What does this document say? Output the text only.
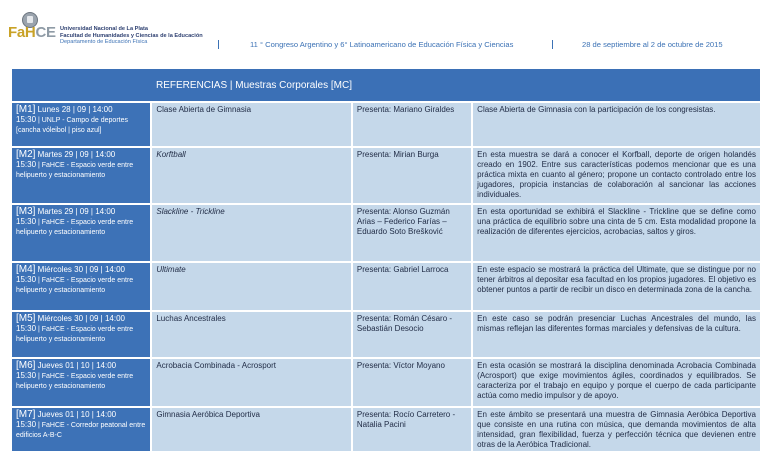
FaHCE Universidad Nacional de La Plata
Facultad de Humanidades y Ciencias de la Educación
Departamento de Educación Física	11 ° Congreso Argentino y 6° Latinoamericano de Educación Física y Ciencias	28 de septiembre al 2 de octubre de 2015
REFERENCIAS | Muestras Corporales [MC]			
[M1] Lunes 28 | 09 | 14:00
15:30 | UNLP - Campo de deportes [cancha vóleibol | piso azul]	Clase Abierta de Gimnasia	Presenta: Mariano Giraldes	Clase Abierta de Gimnasia con la participación de los congresistas.
[M2] Martes 29 | 09 | 14:00
15:30 | FaHCE - Espacio verde entre helipuerto y estacionamiento	Korftball	Presenta: Mirian Burga	En esta muestra se dará a conocer el Korfball, deporte de origen holandés creado en 1902. Entre sus características podemos mencionar que es una práctica mixta en cuanto al género; propone un contacto controlado entre los jugadores, propicia instancias de colaboración al sancionar las acciones individuales.
[M3] Martes 29 | 09 | 14:00
15:30 | FaHCE - Espacio verde entre helipuerto y estacionamiento	Slackline - Trickline	Presenta: Alonso Guzmán Arias – Federico Farías – Eduardo Soto Brešković	En esta oportunidad se exhibirá el Slackline - Trickline que se define como una práctica de equilibrio sobre una cinta de 5 cm. Esta modalidad propone la realización de diferentes ejercicios, acrobacias, saltos y giros.
[M4] Miércoles 30 | 09 | 14:00
15:30 | FaHCE - Espacio verde entre helipuerto y estacionamiento	Ultimate	Presenta: Gabriel Larroca	En este espacio se mostrará la práctica del Ultimate, que se distingue por no tener árbitros al depositar esa facultad en los propios jugadores. El objetivo es obtener puntos a partir de recibir un disco en determinada zona de la cancha.
[M5] Miércoles 30 | 09 | 14:00
15:30 | FaHCE - Espacio verde entre helipuerto y estacionamiento	Luchas Ancestrales	Presenta: Román Césaro - Sebastián Desocio	En este caso se podrán presenciar Luchas Ancestrales del mundo, las mismas reflejan las diferentes formas marciales y defensivas de la cultura.
[M6] Jueves 01 | 10 | 14:00
15:30 | FaHCE - Espacio verde entre helipuerto y estacionamiento	Acrobacia Combinada - Acrosport	Presenta: Víctor Moyano	En esta ocasión se mostrará la disciplina denominada Acrobacia Combinada (Acrosport) que exige movimientos ágiles, coordinados y equilibrados. Se caracteriza por el trabajo en equipo y porque el cuerpo de cada participante actúa como medio impulsor y de apoyo.
[M7] Jueves 01 | 10 | 14:00
15:30 | FaHCE - Corredor peatonal entre edificios A-B-C	Gimnasia Aeróbica Deportiva	Presenta: Rocío Carretero - Natalia Pacini	En este ámbito se presentará una muestra de Gimnasia Aeróbica Deportiva que consiste en una rutina con música, que demanda movimientos de alta intensidad, gran flexibilidad, fuerza y perfección técnica que devienen entre otras de la Aeróbica Tradicional.
